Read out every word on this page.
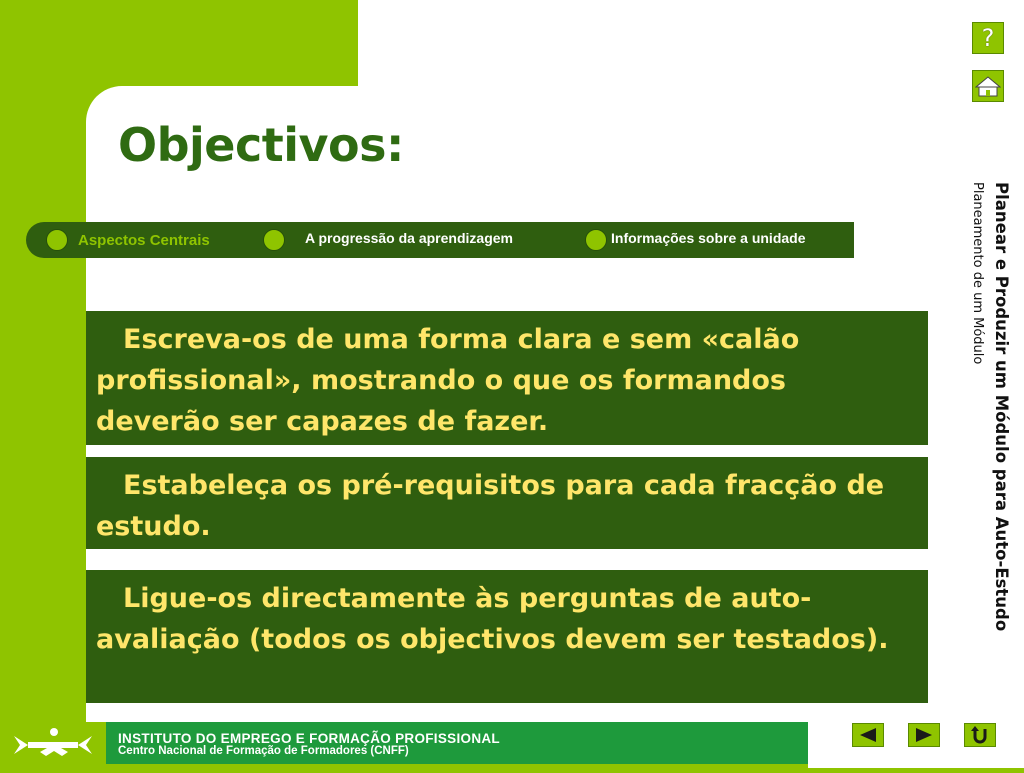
Objectivos:
Aspectos Centrais	A progressão da aprendizagem	Informações sobre a unidade
Escreva-os de uma forma clara e sem «calão profissional», mostrando o que os formandos deverão ser capazes de fazer.
Estabeleça os pré-requisitos para cada fracção de estudo.
Ligue-os directamente às perguntas de auto-avaliação (todos os objectivos devem ser testados).
Planear e Produzir um Módulo para Auto-Estudo
Planeamento de um Módulo
?

INSTITUTO DO EMPREGO E FORMAÇÃO PROFISSIONAL

Centro Nacional de Formação de Formadores (CNFF)
